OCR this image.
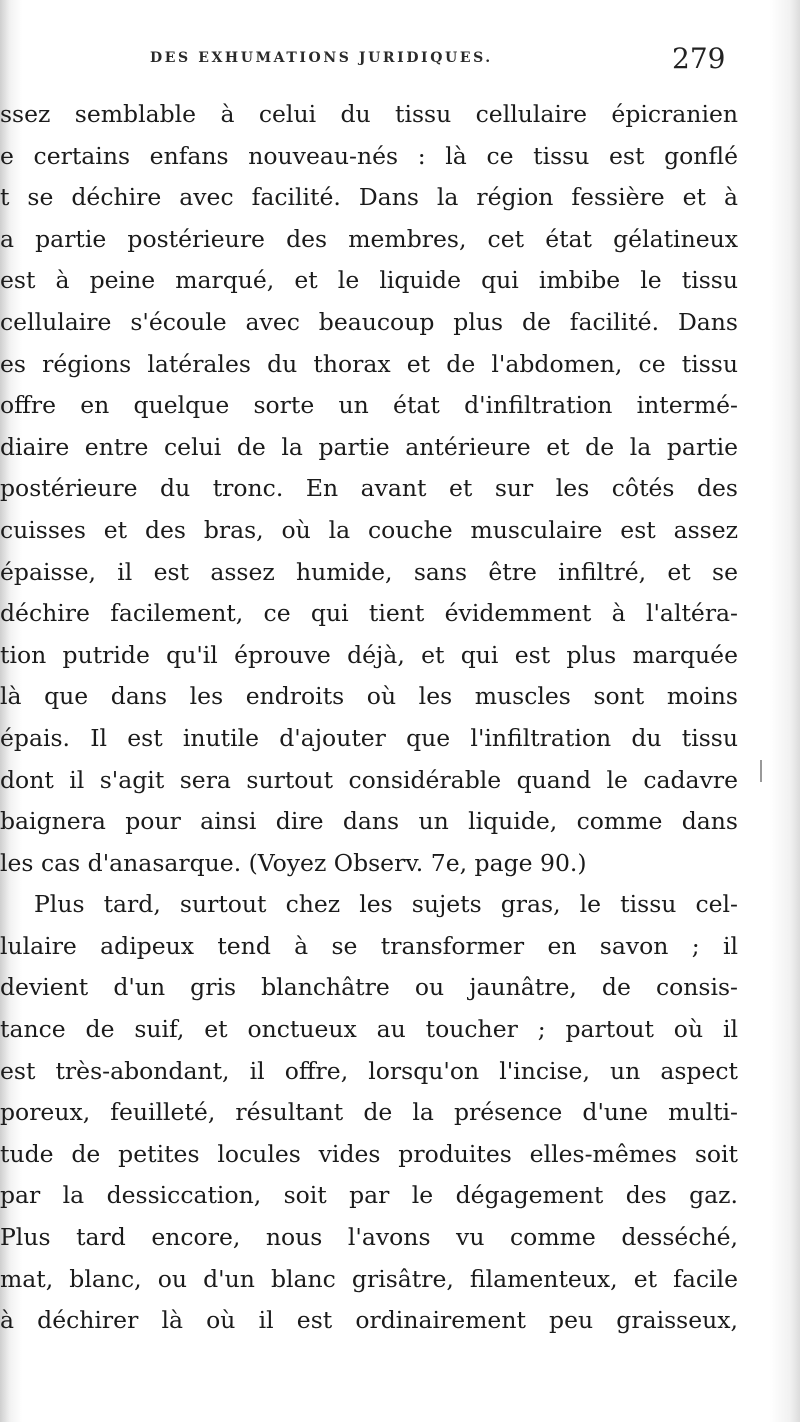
DES EXHUMATIONS JURIDIQUES.	279
ssez semblable à celui du tissu cellulaire épicranien
e certains enfans nouveau-nés : là ce tissu est gonflé
t se déchire avec facilité. Dans la région fessière et à
a partie postérieure des membres, cet état gélatineux
est à peine marqué, et le liquide qui imbibe le tissu
cellulaire s'écoule avec beaucoup plus de facilité. Dans
es régions latérales du thorax et de l'abdomen, ce tissu
offre en quelque sorte un état d'infiltration intermé-
diaire entre celui de la partie antérieure et de la partie
postérieure du tronc. En avant et sur les côtés des
cuisses et des bras, où la couche musculaire est assez
épaisse, il est assez humide, sans être infiltré, et se
déchire facilement, ce qui tient évidemment à l'altéra-
tion putride qu'il éprouve déjà, et qui est plus marquée
là que dans les endroits où les muscles sont moins
épais. Il est inutile d'ajouter que l'infiltration du tissu
dont il s'agit sera surtout considérable quand le cadavre
baignera pour ainsi dire dans un liquide, comme dans
les cas d'anasarque. (Voyez Observ. 7e, page 90.)
Plus tard, surtout chez les sujets gras, le tissu cel-
lulaire adipeux tend à se transformer en savon ; il
devient d'un gris blanchâtre ou jaunâtre, de consis-
tance de suif, et onctueux au toucher ; partout où il
est très-abondant, il offre, lorsqu'on l'incise, un aspect
poreux, feuilleté, résultant de la présence d'une multi-
tude de petites locules vides produites elles-mêmes soit
par la dessiccation, soit par le dégagement des gaz.
Plus tard encore, nous l'avons vu comme desséché,
mat, blanc, ou d'un blanc grisâtre, filamenteux, et facile
à déchirer là où il est ordinairement peu graisseux,
